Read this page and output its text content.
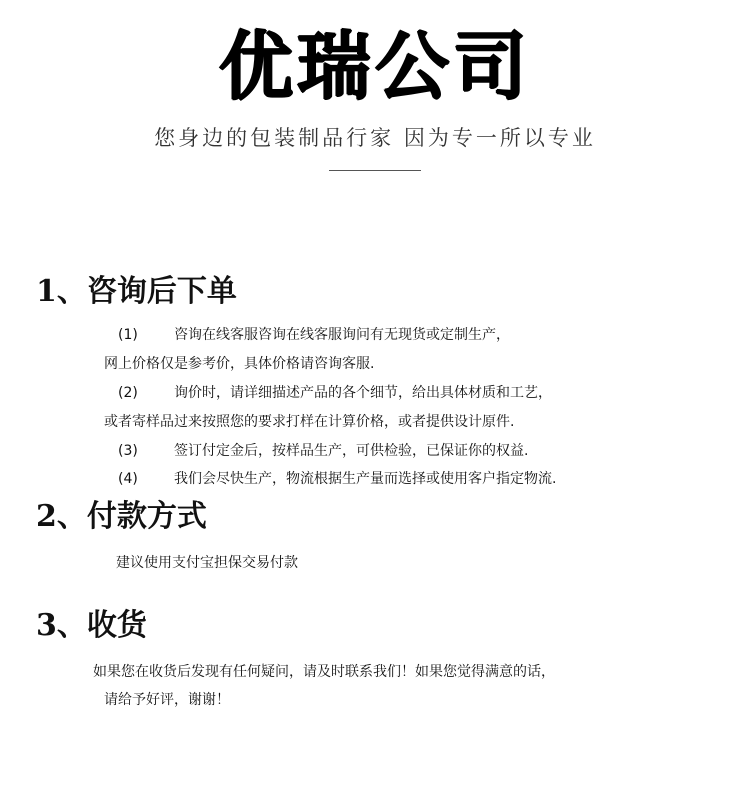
优瑞公司
您身边的包装制品行家 因为专一所以专业
1、咨询后下单
(1)	咨询在线客服咨询在线客服询问有无现货或定制生产，
网上价格仅是参考价，具体价格请咨询客服.
(2)	询价时，请详细描述产品的各个细节，给出具体材质和工艺，
或者寄样品过来按照您的要求打样在计算价格，或者提供设计原件.
(3)	签订付定金后，按样品生产，可供检验，已保证你的权益.
(4)	我们会尽快生产，物流根据生产量而选择或使用客户指定物流.
2、付款方式
建议使用支付宝担保交易付款
3、收货
如果您在收货后发现有任何疑问，请及时联系我们！如果您觉得满意的话，
请给予好评，谢谢！
